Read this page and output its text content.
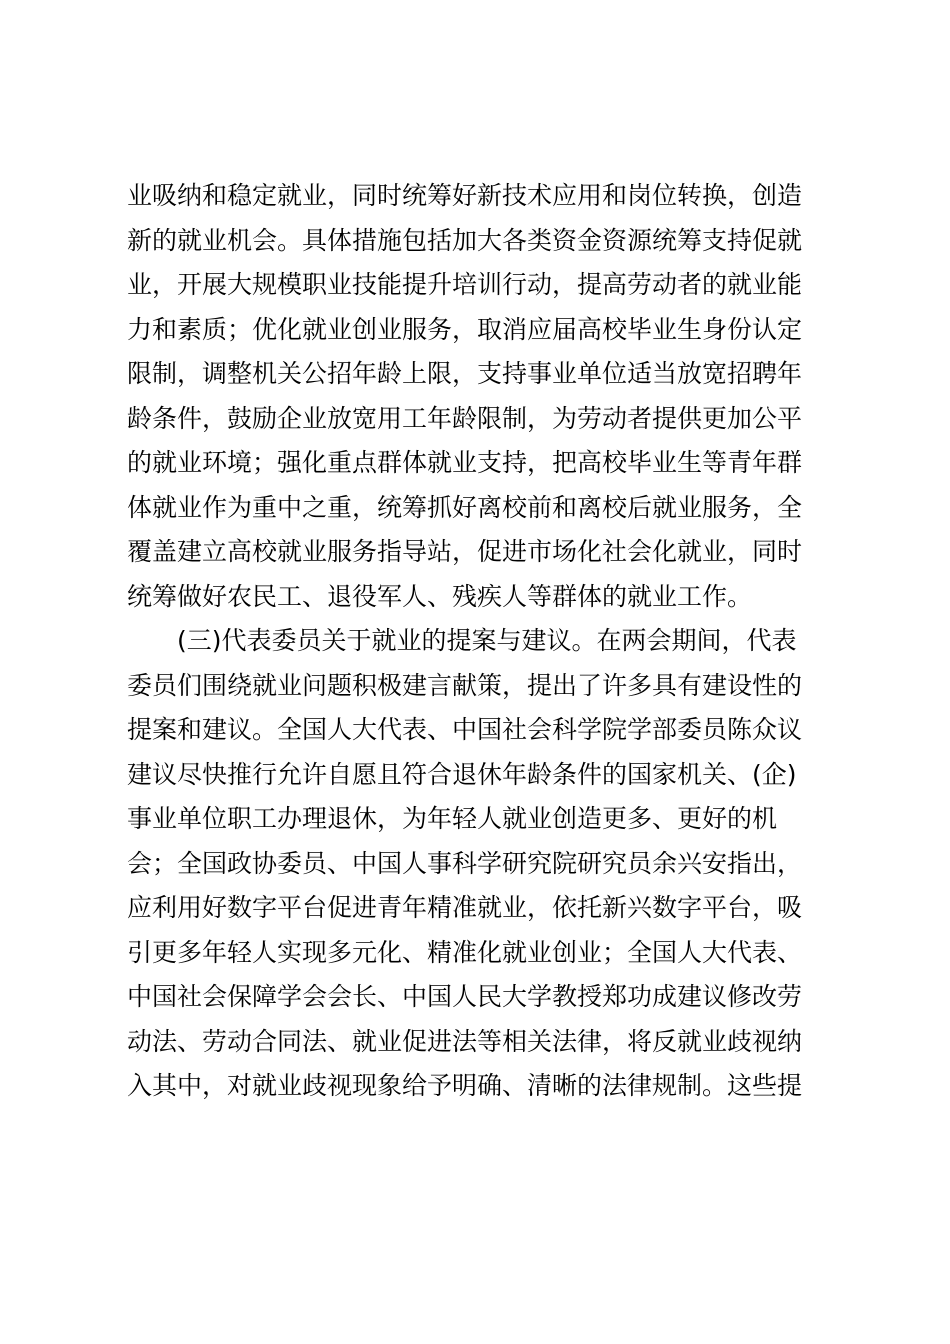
业吸纳和稳定就业，同时统筹好新技术应用和岗位转换，创造
新的就业机会。具体措施包括加大各类资金资源统筹支持促就
业，开展大规模职业技能提升培训行动，提高劳动者的就业能
力和素质；优化就业创业服务，取消应届高校毕业生身份认定
限制，调整机关公招年龄上限，支持事业单位适当放宽招聘年
龄条件，鼓励企业放宽用工年龄限制，为劳动者提供更加公平
的就业环境；强化重点群体就业支持，把高校毕业生等青年群
体就业作为重中之重，统筹抓好离校前和离校后就业服务，全
覆盖建立高校就业服务指导站，促进市场化社会化就业，同时
统筹做好农民工、退役军人、残疾人等群体的就业工作。
(三)代表委员关于就业的提案与建议。在两会期间，代表
委员们围绕就业问题积极建言献策，提出了许多具有建设性的
提案和建议。全国人大代表、中国社会科学院学部委员陈众议
建议尽快推行允许自愿且符合退休年龄条件的国家机关、(企)
事业单位职工办理退休，为年轻人就业创造更多、更好的机
会；全国政协委员、中国人事科学研究院研究员余兴安指出，
应利用好数字平台促进青年精准就业，依托新兴数字平台，吸
引更多年轻人实现多元化、精准化就业创业；全国人大代表、
中国社会保障学会会长、中国人民大学教授郑功成建议修改劳
动法、劳动合同法、就业促进法等相关法律，将反就业歧视纳
入其中，对就业歧视现象给予明确、清晰的法律规制。这些提
